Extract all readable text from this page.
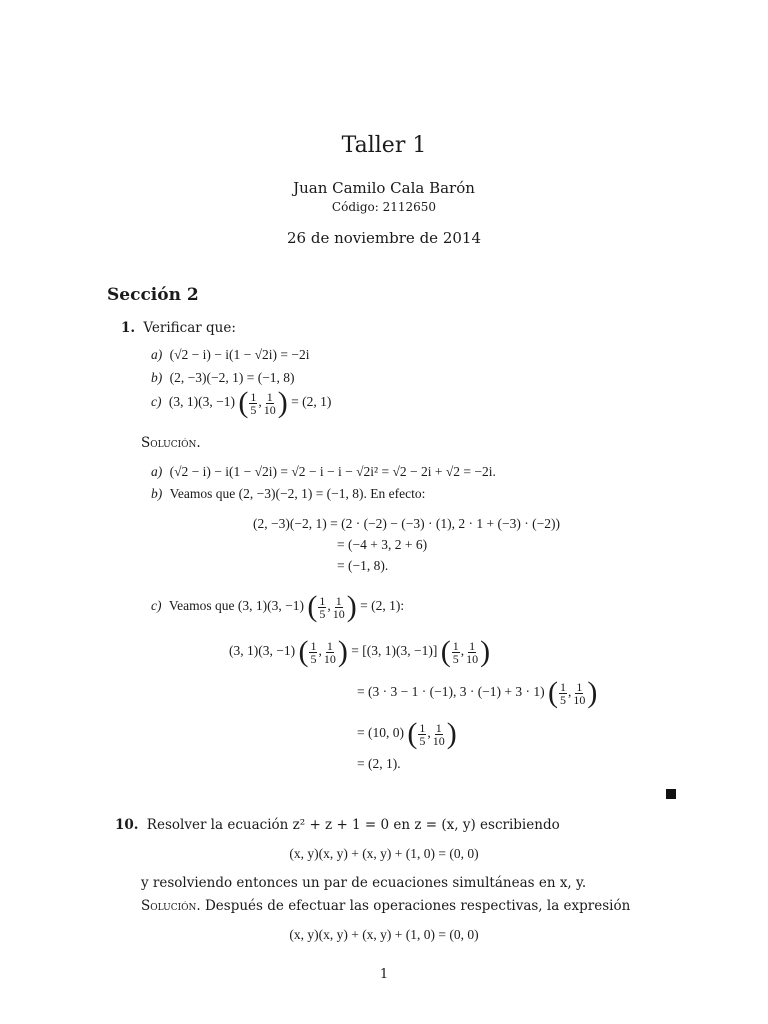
Taller 1
Juan Camilo Cala Barón
Código: 2112650
26 de noviembre de 2014
Sección 2
1. Verificar que:
a) (√2 − i) − i(1 − √2i) = −2i
b) (2, −3)(−2, 1) = (−1, 8)
c) (3, 1)(3, −1) ( $\frac{1}{5}$ , $\frac{1}{10}$ ) = (2, 1)
Solución.
a) (√2 − i) − i(1 − √2i) = √2 − i − i − √2i² = √2 − 2i + √2 = −2i.
b) Veamos que (2, −3)(−2, 1) = (−1, 8). En efecto:
(2, −3)(−2, 1) = (2 · (−2) − (−3) · (1), 2 · 1 + (−3) · (−2))
= (−4 + 3, 2 + 6)
= (−1, 8).
c) Veamos que (3, 1)(3, −1) ( $\frac{1}{5}$ , $\frac{1}{10}$ ) = (2, 1):
(3, 1)(3, −1) ( $\frac{1}{5}$ , $\frac{1}{10}$ ) = [(3, 1)(3, −1)] ( $\frac{1}{5}$ , $\frac{1}{10}$ )
= (3 · 3 − 1 · (−1), 3 · (−1) + 3 · 1) ( $\frac{1}{5}$ , $\frac{1}{10}$ )
= (10, 0) ( $\frac{1}{5}$ , $\frac{1}{10}$ )
= (2, 1).
10. Resolver la ecuación z² + z + 1 = 0 en z = (x, y) escribiendo
(x, y)(x, y) + (x, y) + (1, 0) = (0, 0)
y resolviendo entonces un par de ecuaciones simultáneas en x, y.
Solución. Después de efectuar las operaciones respectivas, la expresión
(x, y)(x, y) + (x, y) + (1, 0) = (0, 0)
1
